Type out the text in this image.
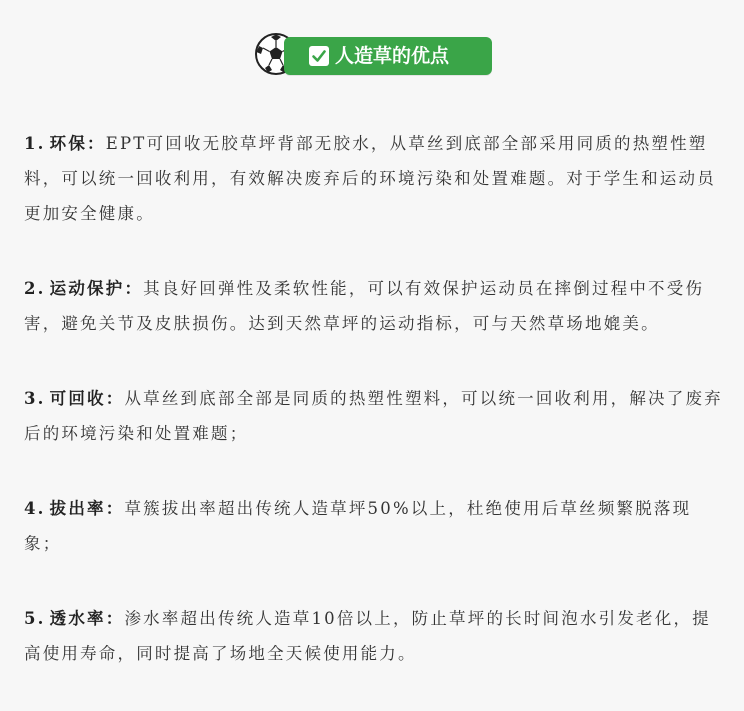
人造草的优点

1. 环保：EPT可回收无胶草坪背部无胶水，从草丝到底部全部采用同质的热塑性塑料，可以统一回收利用，有效解决废弃后的环境污染和处置难题。对于学生和运动员更加安全健康。

2. 运动保护：其良好回弹性及柔软性能，可以有效保护运动员在摔倒过程中不受伤害，避免关节及皮肤损伤。达到天然草坪的运动指标，可与天然草场地媲美。

3. 可回收：从草丝到底部全部是同质的热塑性塑料，可以统一回收利用，解决了废弃后的环境污染和处置难题；

4. 拔出率：草簇拔出率超出传统人造草坪50%以上，杜绝使用后草丝频繁脱落现象；

5. 透水率：渗水率超出传统人造草10倍以上，防止草坪的长时间泡水引发老化，提高使用寿命，同时提高了场地全天候使用能力。
